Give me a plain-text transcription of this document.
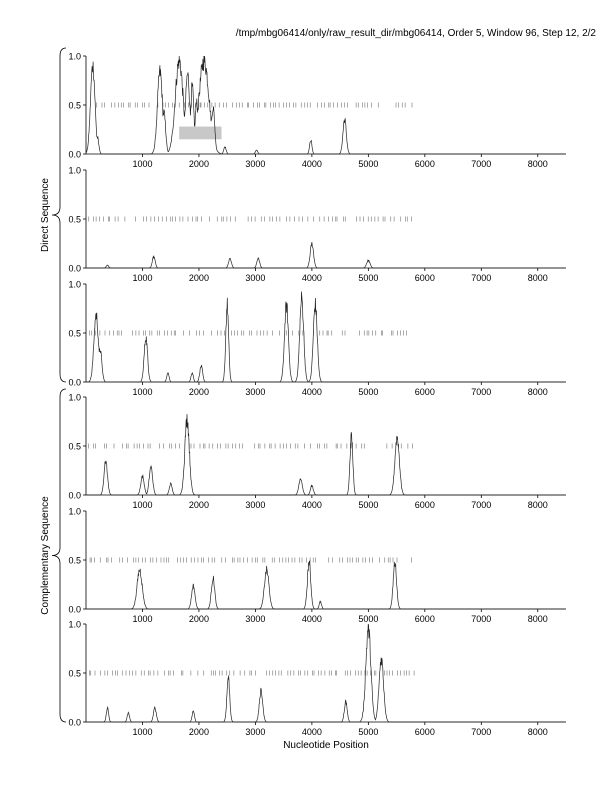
/tmp/mbg06414/only/raw_result_dir/mbg06414, Order 5, Window 96, Step 12, 2/2
0.0
0.5
1.0
1000	2000	3000	4000	5000	6000	7000	8000
0.0
0.5
1.0
1000	2000	3000	4000	5000	6000	7000	8000
0.0
0.5
1.0
1000	2000	3000	4000	5000	6000	7000	8000
0.0
0.5
1.0
1000	2000	3000	4000	5000	6000	7000	8000
0.0
0.5
1.0
1000	2000	3000	4000	5000	6000	7000	8000
0.0
0.5
1.0
1000	2000	3000	4000	5000	6000	7000	8000
Nucleotide Position
Direct Sequence
Complementary Sequence
